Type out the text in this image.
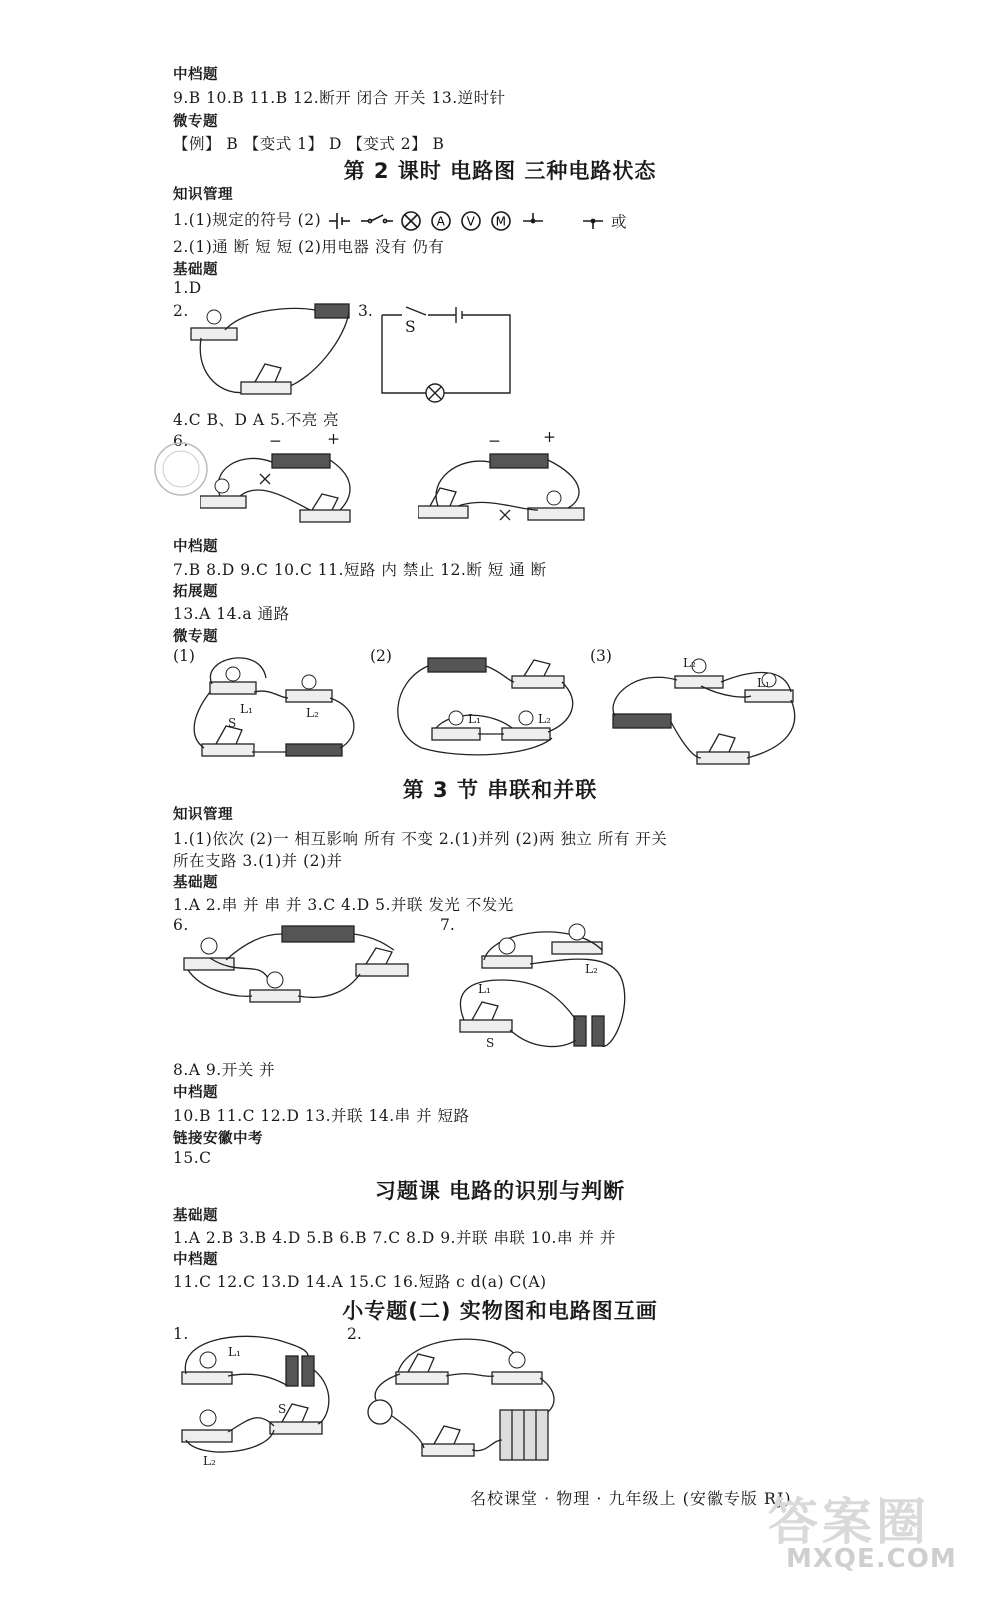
中档题
9.B 10.B 11.B 12.断开 闭合 开关 13.逆时针
微专题
【例】 B 【变式 1】 D 【变式 2】 B
第 2 课时 电路图 三种电路状态
知识管理
1.(1)规定的符号 (2)	A V M	或
2.(1)通 断 短 短 (2)用电器 没有 仍有
基础题
1.D
2.	3.
S
4.C B、D A 5.不亮 亮
6.	−	+	−	+
中档题
7.B 8.D 9.C 10.C 11.短路 内 禁止 12.断 短 通 断
拓展题
13.A 14.a 通路
微专题
(1)
L₁	L₂
S
(2)
L₁	L₂
(3)	L₂
L₁
第 3 节 串联和并联
知识管理
1.(1)依次 (2)一 相互影响 所有 不变 2.(1)并列 (2)两 独立 所有 开关
所在支路 3.(1)并 (2)并
基础题
1.A 2.串 并 串 并 3.C 4.D 5.并联 发光 不发光
6.	7.
L₂
L₁
S
8.A 9.开关 并
中档题
10.B 11.C 12.D 13.并联 14.串 并 短路
链接安徽中考
15.C
习题课 电路的识别与判断
基础题
1.A 2.B 3.B 4.D 5.B 6.B 7.C 8.D 9.并联 串联 10.串 并 并
中档题
11.C 12.C 13.D 14.A 15.C 16.短路 c d(a) C(A)
小专题(二) 实物图和电路图互画
1.
L₁
S
L₂
2.
名校课堂 · 物理 · 九年级上 (安徽专版 RJ)
答案圈
MXQE.COM
